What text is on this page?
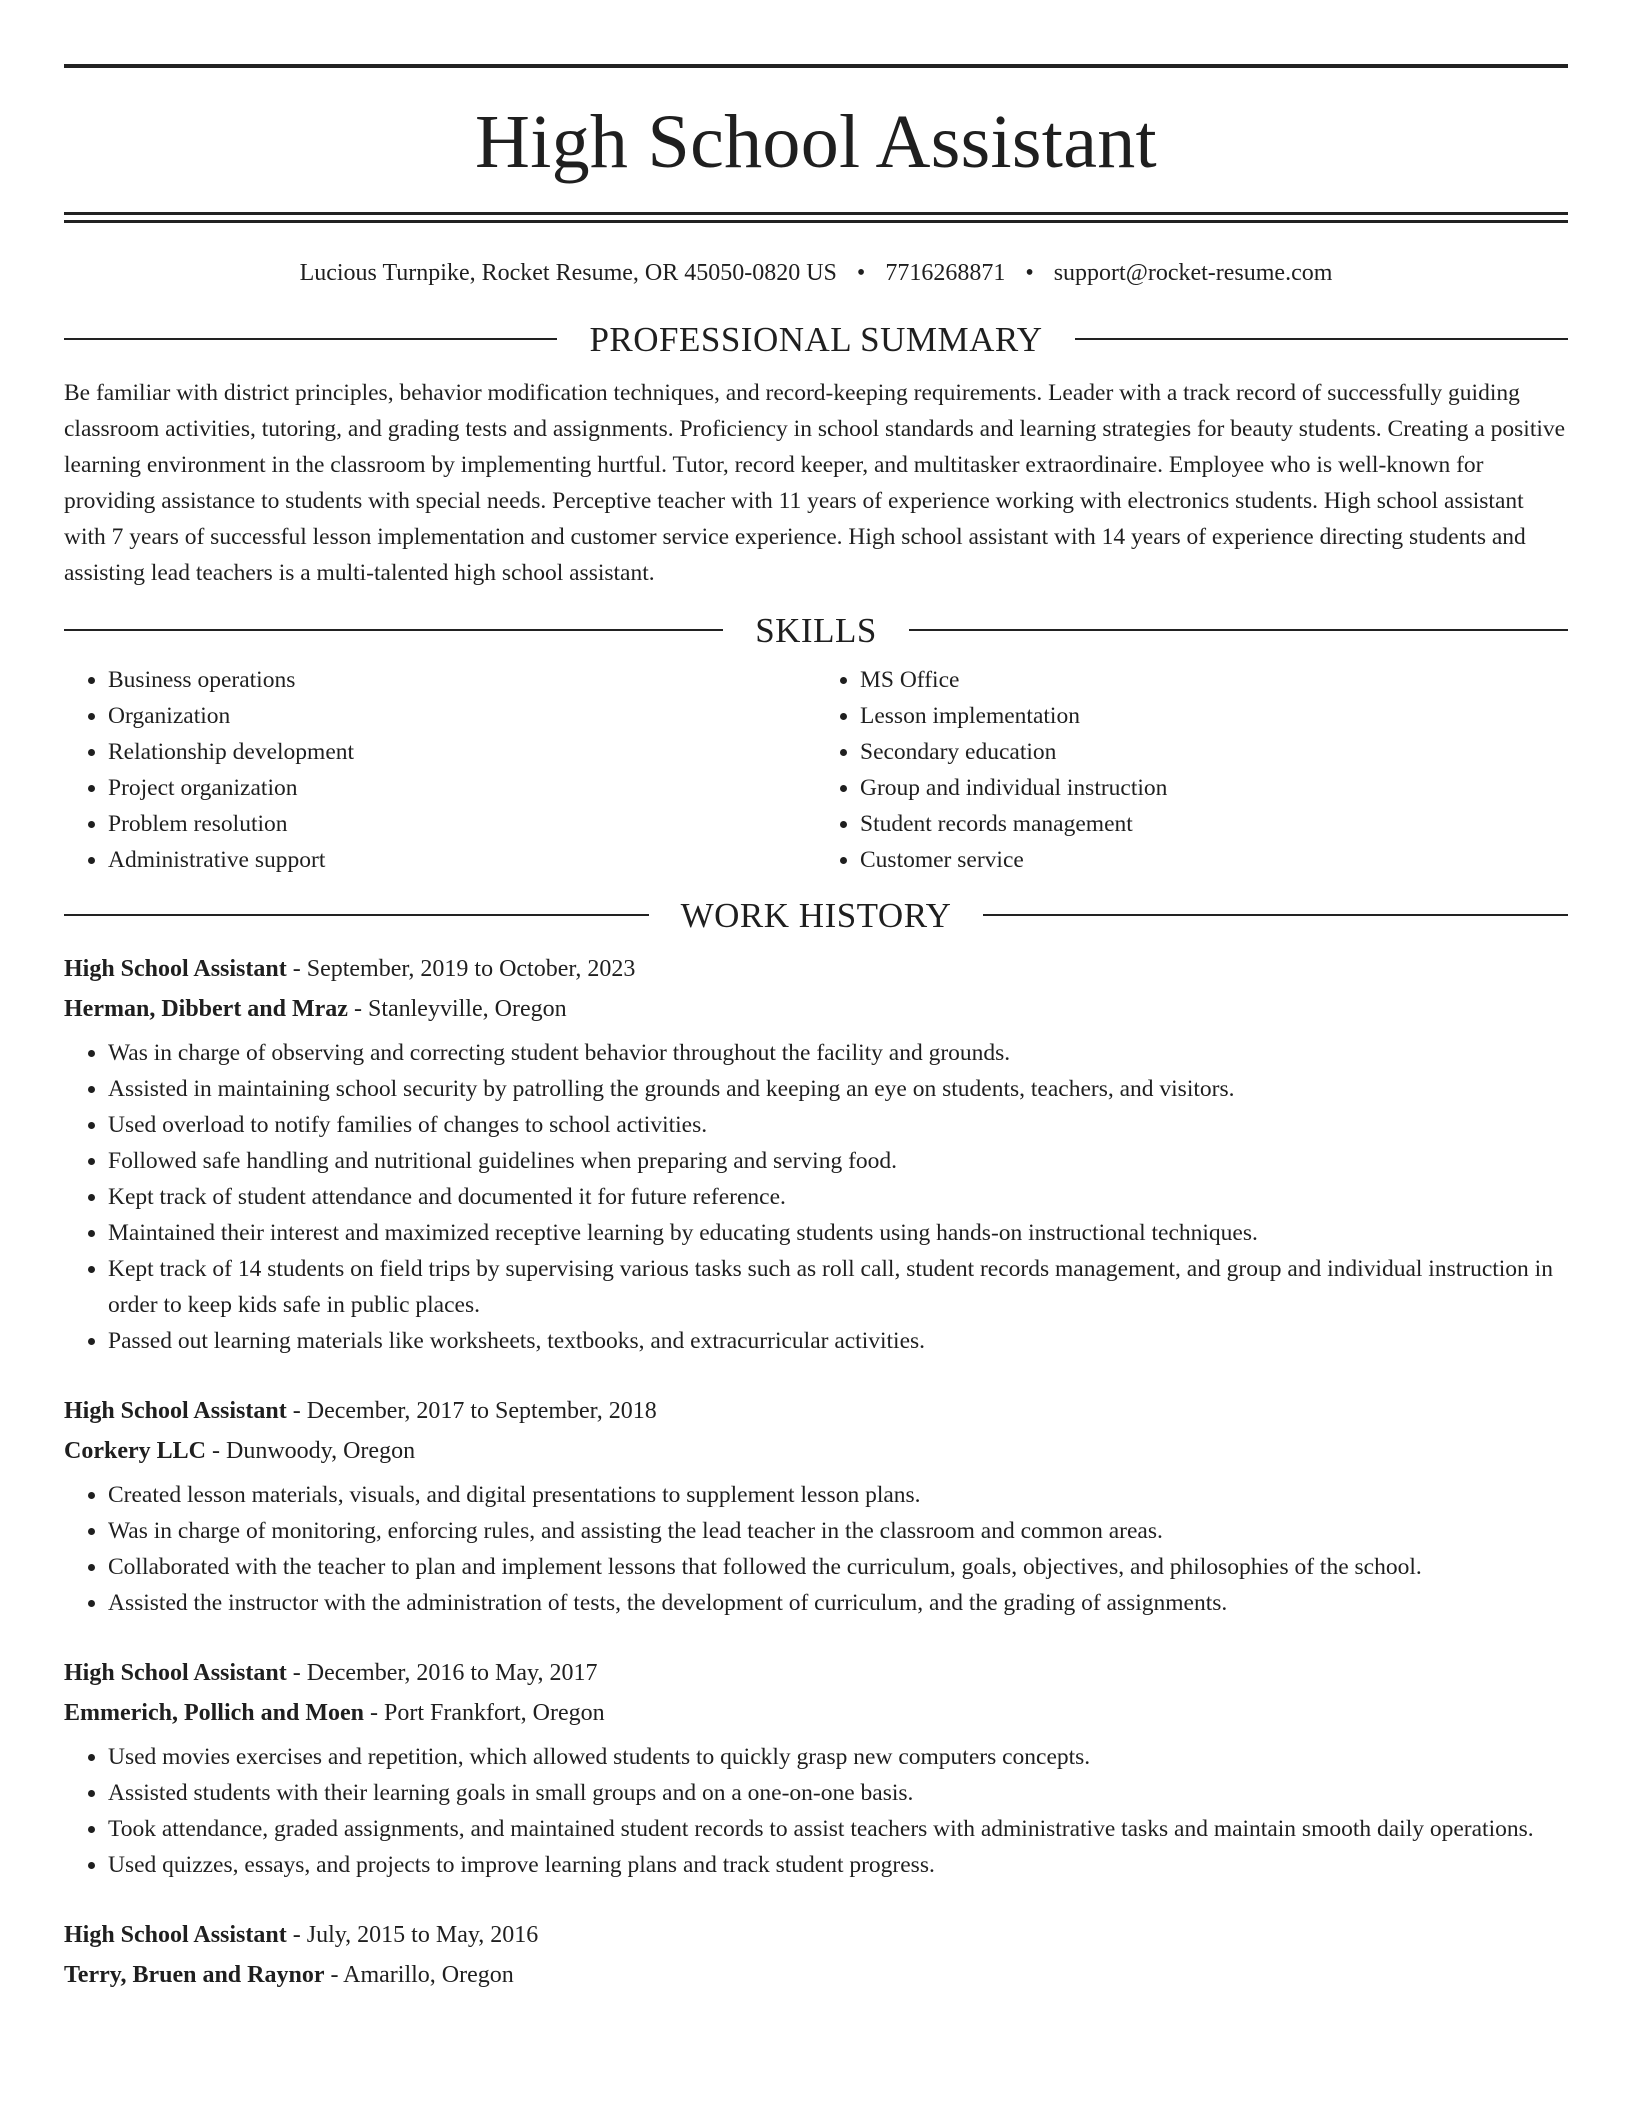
High School Assistant
Lucious Turnpike, Rocket Resume, OR 45050-0820 US • 7716268871 • support@rocket-resume.com
PROFESSIONAL SUMMARY

Be familiar with district principles, behavior modification techniques, and record-keeping requirements. Leader with a track record of successfully guiding classroom activities, tutoring, and grading tests and assignments. Proficiency in school standards and learning strategies for beauty students. Creating a positive learning environment in the classroom by implementing hurtful. Tutor, record keeper, and multitasker extraordinaire. Employee who is well-known for providing assistance to students with special needs. Perceptive teacher with 11 years of experience working with electronics students. High school assistant with 7 years of successful lesson implementation and customer service experience. High school assistant with 14 years of experience directing students and assisting lead teachers is a multi-talented high school assistant.

SKILLS
• Business operations
• Organization
• Relationship development
• Project organization
• Problem resolution
• Administrative support
• MS Office
• Lesson implementation
• Secondary education
• Group and individual instruction
• Student records management
• Customer service
WORK HISTORY
High School Assistant - September, 2019 to October, 2023
Herman, Dibbert and Mraz - Stanleyville, Oregon
• Was in charge of observing and correcting student behavior throughout the facility and grounds.
• Assisted in maintaining school security by patrolling the grounds and keeping an eye on students, teachers, and visitors.
• Used overload to notify families of changes to school activities.
• Followed safe handling and nutritional guidelines when preparing and serving food.
• Kept track of student attendance and documented it for future reference.
• Maintained their interest and maximized receptive learning by educating students using hands-on instructional techniques.
• Kept track of 14 students on field trips by supervising various tasks such as roll call, student records management, and group and individual instruction in order to keep kids safe in public places.
• Passed out learning materials like worksheets, textbooks, and extracurricular activities.
High School Assistant - December, 2017 to September, 2018
Corkery LLC - Dunwoody, Oregon
• Created lesson materials, visuals, and digital presentations to supplement lesson plans.
• Was in charge of monitoring, enforcing rules, and assisting the lead teacher in the classroom and common areas.
• Collaborated with the teacher to plan and implement lessons that followed the curriculum, goals, objectives, and philosophies of the school.
• Assisted the instructor with the administration of tests, the development of curriculum, and the grading of assignments.
High School Assistant - December, 2016 to May, 2017
Emmerich, Pollich and Moen - Port Frankfort, Oregon
• Used movies exercises and repetition, which allowed students to quickly grasp new computers concepts.
• Assisted students with their learning goals in small groups and on a one-on-one basis.
• Took attendance, graded assignments, and maintained student records to assist teachers with administrative tasks and maintain smooth daily operations.
• Used quizzes, essays, and projects to improve learning plans and track student progress.
High School Assistant - July, 2015 to May, 2016
Terry, Bruen and Raynor - Amarillo, Oregon
